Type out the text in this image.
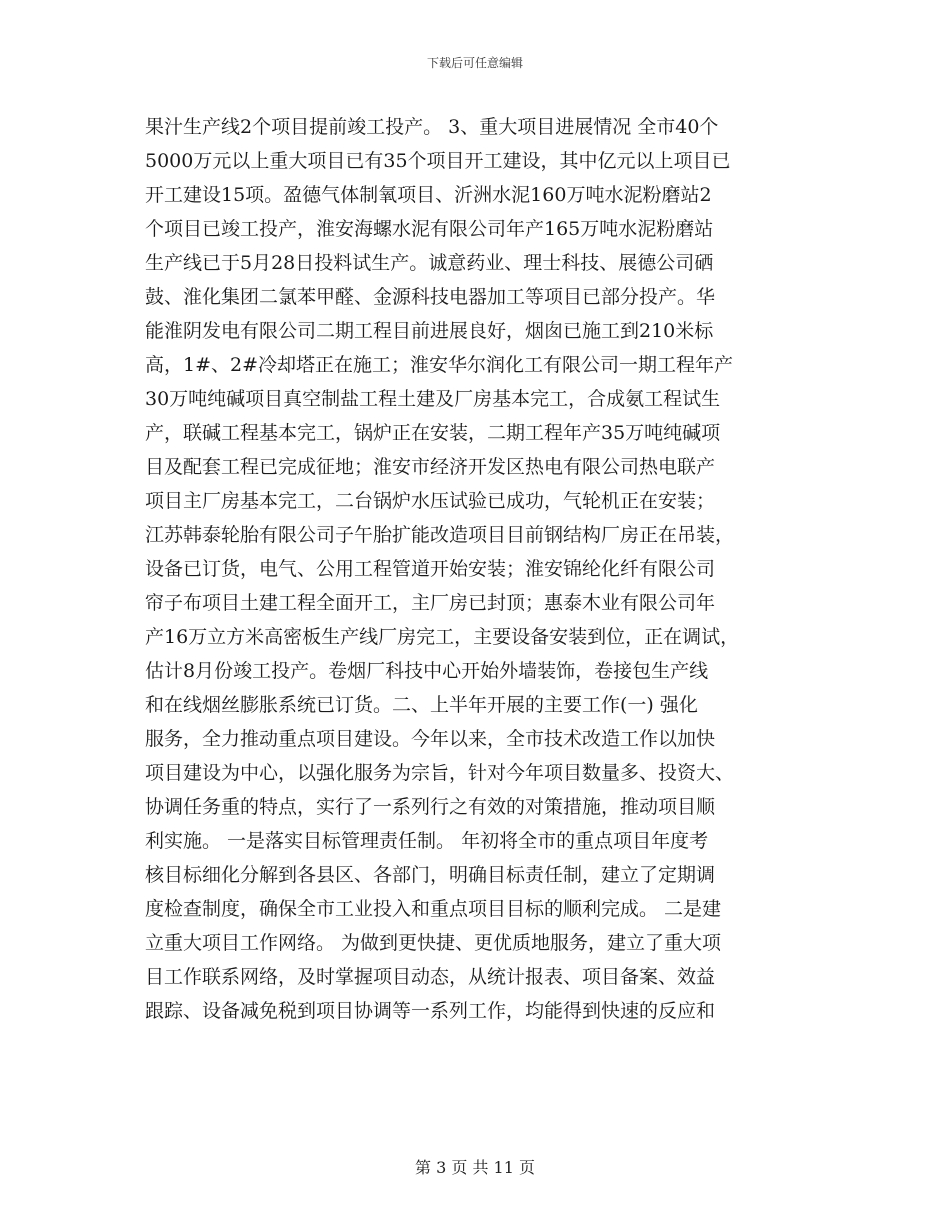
下载后可任意编辑
果汁生产线2个项目提前竣工投产。 3、重大项目进展情况 全市40个
5000万元以上重大项目已有35个项目开工建设，其中亿元以上项目已
开工建设15项。盈德气体制氧项目、沂洲水泥160万吨水泥粉磨站2
个项目已竣工投产，淮安海螺水泥有限公司年产165万吨水泥粉磨站
生产线已于5月28日投料试生产。诚意药业、理士科技、展德公司硒
鼓、淮化集团二氯苯甲醛、金源科技电器加工等项目已部分投产。华
能淮阴发电有限公司二期工程目前进展良好，烟囱已施工到210米标
高，1#、2#冷却塔正在施工；淮安华尔润化工有限公司一期工程年产
30万吨纯碱项目真空制盐工程土建及厂房基本完工，合成氨工程试生
产，联碱工程基本完工，锅炉正在安装，二期工程年产35万吨纯碱项
目及配套工程已完成征地；淮安市经济开发区热电有限公司热电联产
项目主厂房基本完工，二台锅炉水压试验已成功，气轮机正在安装；
江苏韩泰轮胎有限公司子午胎扩能改造项目目前钢结构厂房正在吊装，
设备已订货，电气、公用工程管道开始安装；淮安锦纶化纤有限公司
帘子布项目土建工程全面开工，主厂房已封顶；惠泰木业有限公司年
产16万立方米高密板生产线厂房完工，主要设备安装到位，正在调试，
估计8月份竣工投产。卷烟厂科技中心开始外墙装饰，卷接包生产线
和在线烟丝膨胀系统已订货。二、上半年开展的主要工作(一) 强化
服务，全力推动重点项目建设。今年以来，全市技术改造工作以加快
项目建设为中心，以强化服务为宗旨，针对今年项目数量多、投资大、
协调任务重的特点，实行了一系列行之有效的对策措施，推动项目顺
利实施。 一是落实目标管理责任制。 年初将全市的重点项目年度考
核目标细化分解到各县区、各部门，明确目标责任制，建立了定期调
度检查制度，确保全市工业投入和重点项目目标的顺利完成。 二是建
立重大项目工作网络。 为做到更快捷、更优质地服务，建立了重大项
目工作联系网络，及时掌握项目动态，从统计报表、项目备案、效益
跟踪、设备减免税到项目协调等一系列工作，均能得到快速的反应和
第 3 页 共 11 页
